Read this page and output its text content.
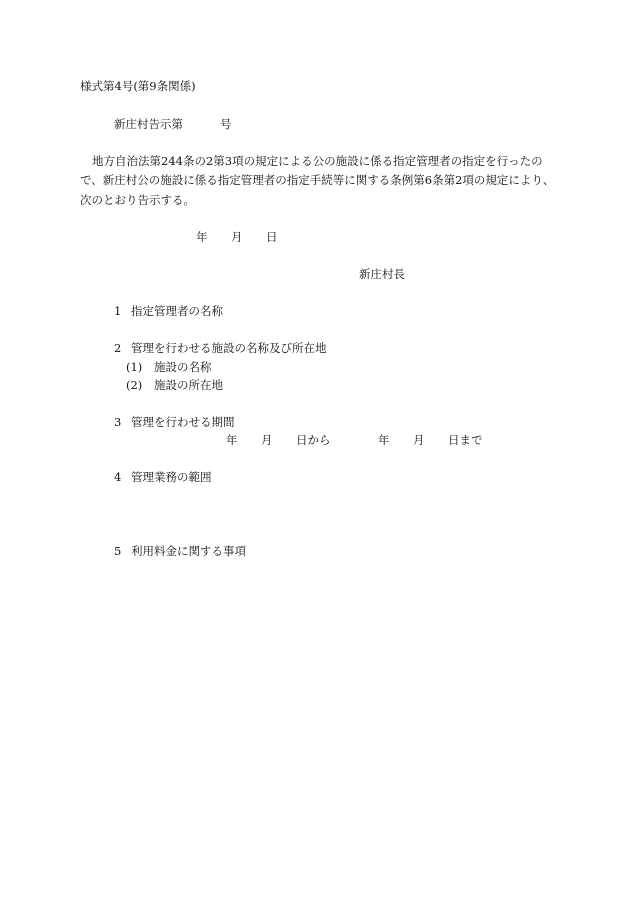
様式第4号(第9条関係)
新庄村告示第	号
地方自治法第244条の2第3項の規定による公の施設に係る指定管理者の指定を行ったの
で、新庄村公の施設に係る指定管理者の指定手続等に関する条例第6条第2項の規定により、
次のとおり告示する。
年 月 日
新庄村長
1 指定管理者の名称
2 管理を行わせる施設の名称及び所在地
(1) 施設の名称
(2) 施設の所在地
3 管理を行わせる期間
年 月 日から	年 月 日まで
4 管理業務の範囲
5 利用料金に関する事項
